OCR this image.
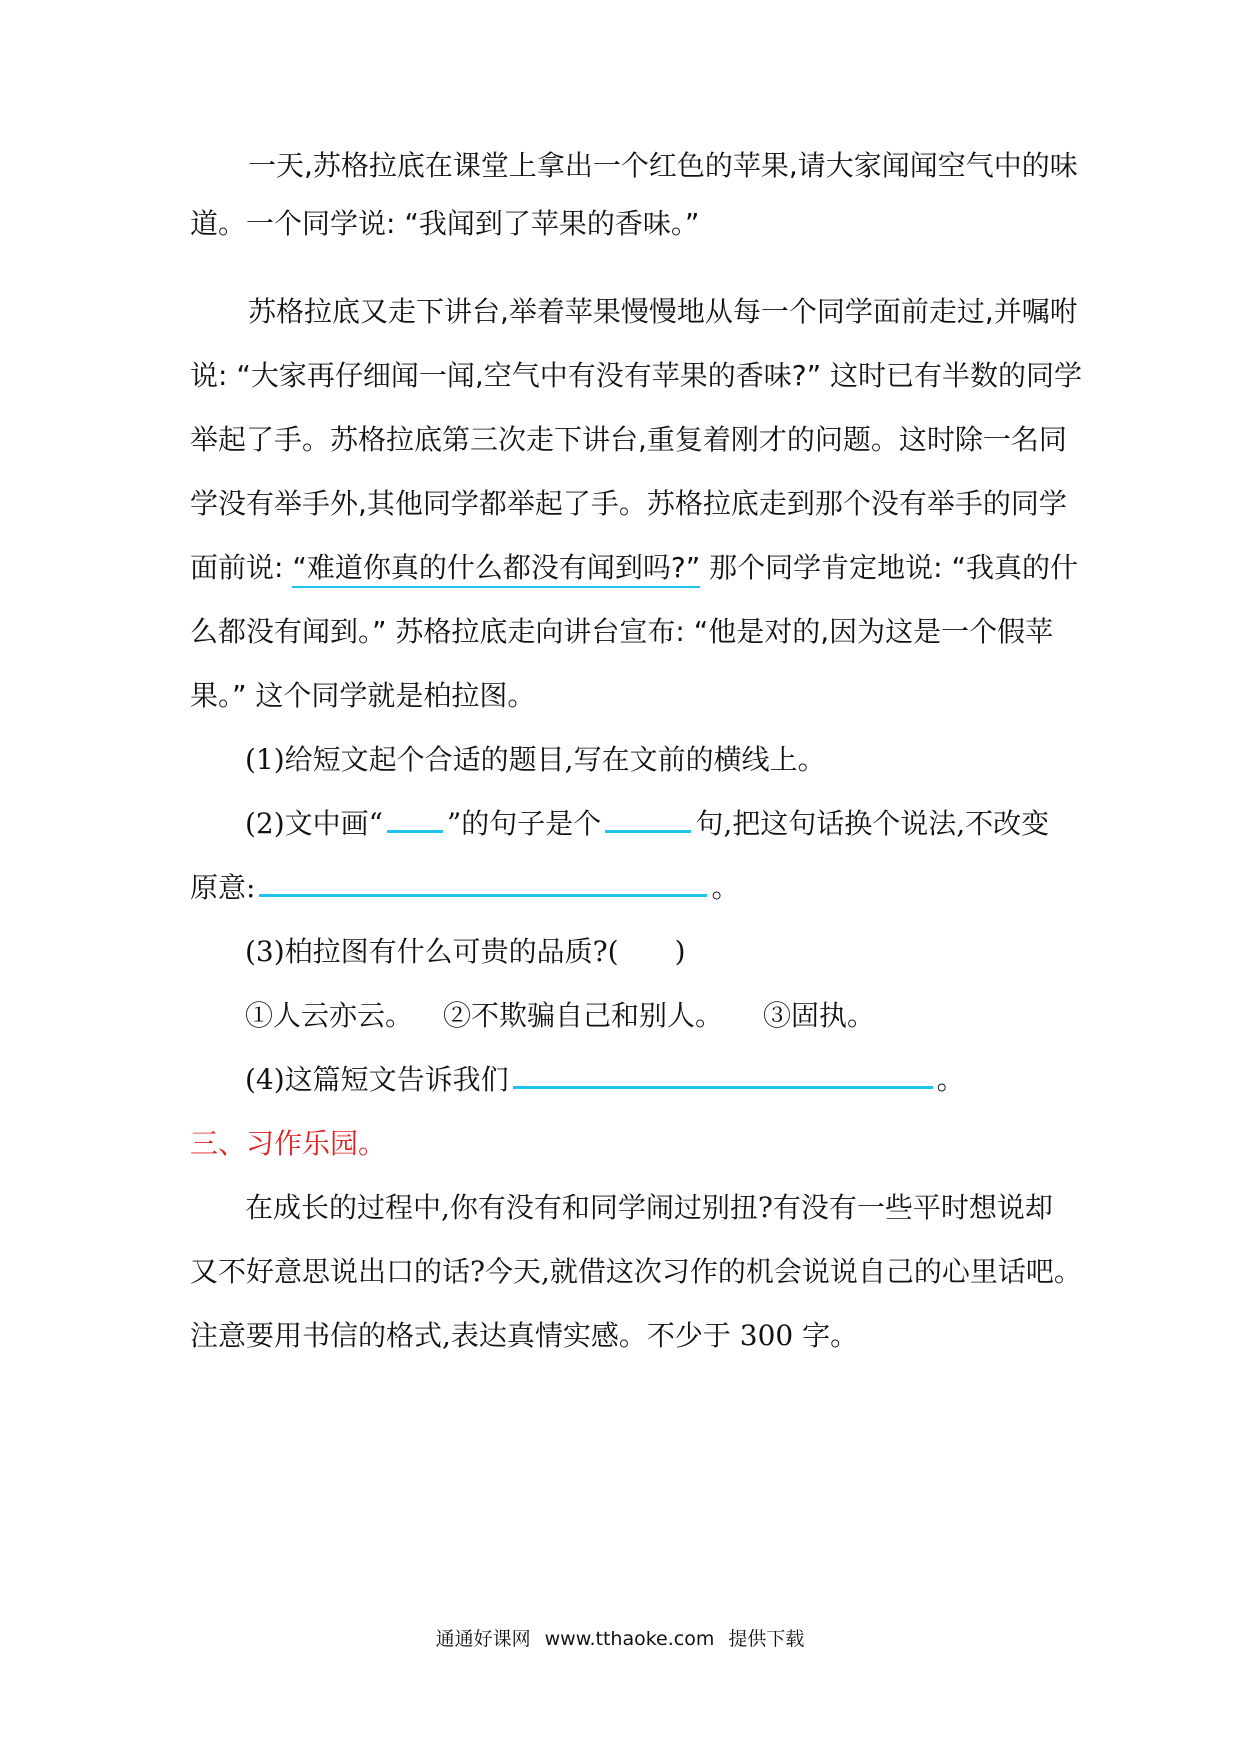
一天,苏格拉底在课堂上拿出一个红色的苹果,请大家闻闻空气中的味
道。一个同学说: “我闻到了苹果的香味。”
苏格拉底又走下讲台,举着苹果慢慢地从每一个同学面前走过,并嘱咐
说: “大家再仔细闻一闻,空气中有没有苹果的香味?” 这时已有半数的同学
举起了手。苏格拉底第三次走下讲台,重复着刚才的问题。这时除一名同
学没有举手外,其他同学都举起了手。苏格拉底走到那个没有举手的同学
面前说: “难道你真的什么都没有闻到吗?” 那个同学肯定地说: “我真的什
么都没有闻到。” 苏格拉底走向讲台宣布: “他是对的,因为这是一个假苹
果。” 这个同学就是柏拉图。
(1)给短文起个合适的题目,写在文前的横线上。
(2)文中画“ ”的句子是个	句,把这句话换个说法,不改变
原意:	。
(3)柏拉图有什么可贵的品质?(　　)
①人云亦云。 ②不欺骗自己和别人。 ③固执。
(4)这篇短文告诉我们	。
三、习作乐园。
在成长的过程中,你有没有和同学闹过别扭?有没有一些平时想说却
又不好意思说出口的话?今天,就借这次习作的机会说说自己的心里话吧。
注意要用书信的格式,表达真情实感。不少于 300 字。
通通好课网 www.tthaoke.com 提供下载
